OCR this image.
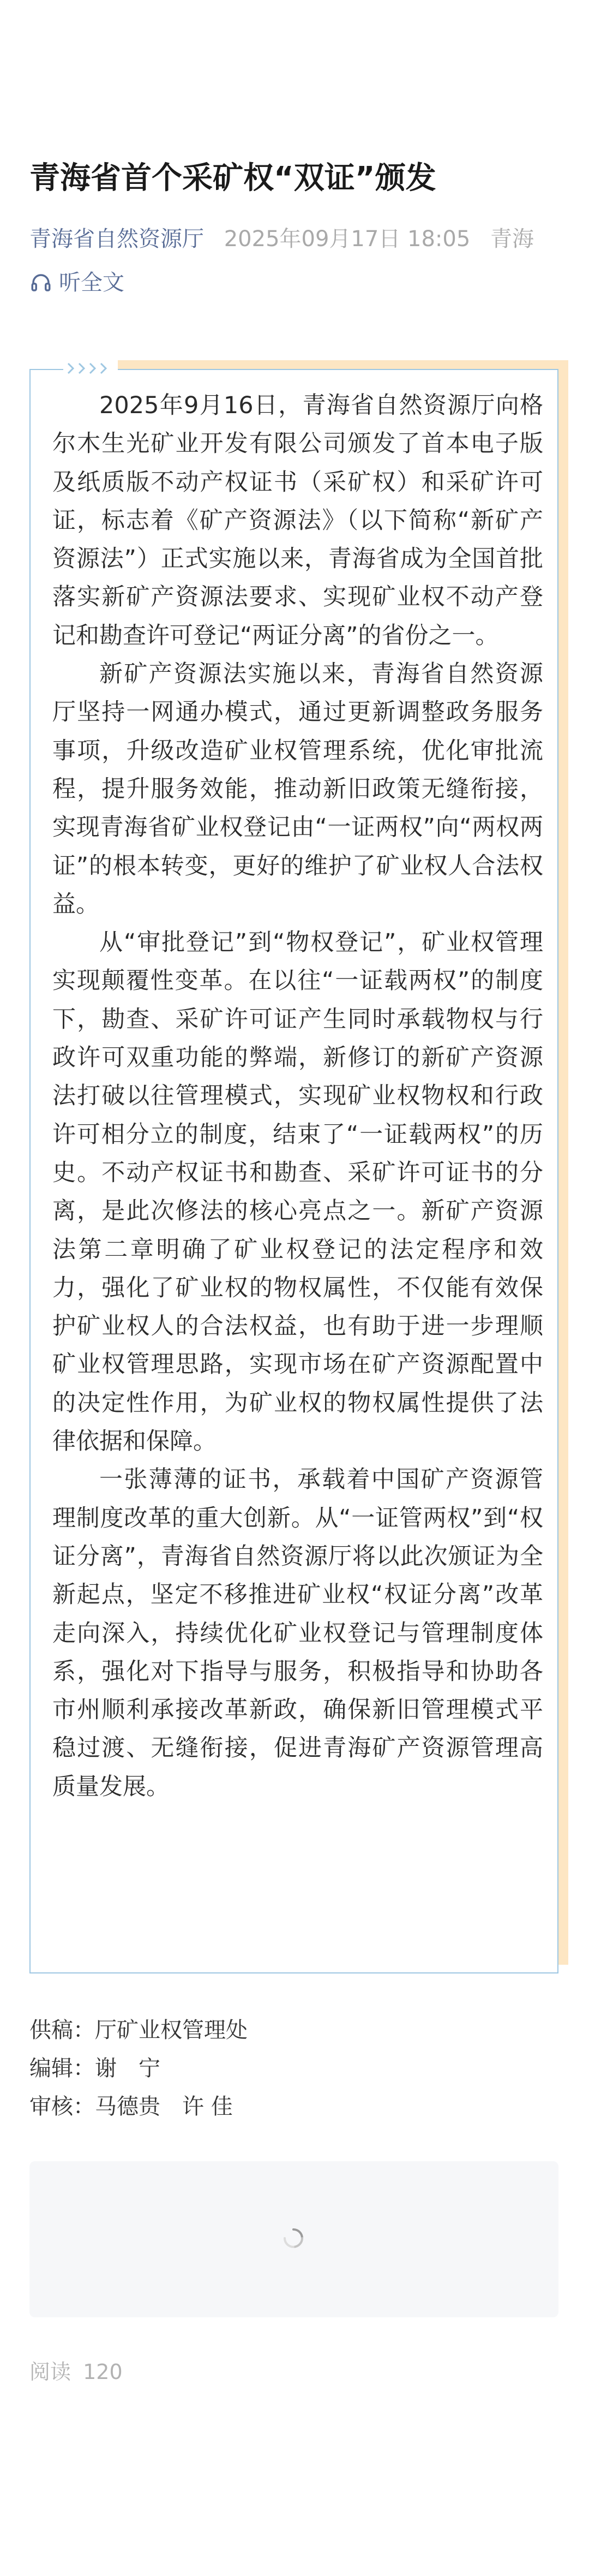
青海省首个采矿权“双证”颁发
青海省自然资源厅 2025年09月17日 18:05 青海
听全文

2025年9月16日，青海省自然资源厅向格尔木生光矿业开发有限公司颁发了首本电子版及纸质版不动产权证书（采矿权）和采矿许可证，标志着《矿产资源法》（以下简称“新矿产资源法”）正式实施以来，青海省成为全国首批落实新矿产资源法要求、实现矿业权不动产登记和勘查许可登记“两证分离”的省份之一。

新矿产资源法实施以来，青海省自然资源厅坚持一网通办模式，通过更新调整政务服务事项，升级改造矿业权管理系统，优化审批流程，提升服务效能，推动新旧政策无缝衔接，实现青海省矿业权登记由“一证两权”向“两权两证”的根本转变，更好的维护了矿业权人合法权益。

从“审批登记”到“物权登记”，矿业权管理实现颠覆性变革。在以往“一证载两权”的制度下，勘查、采矿许可证产生同时承载物权与行政许可双重功能的弊端，新修订的新矿产资源法打破以往管理模式，实现矿业权物权和行政许可相分立的制度，结束了“一证载两权”的历史。不动产权证书和勘查、采矿许可证书的分离，是此次修法的核心亮点之一。新矿产资源法第二章明确了矿业权登记的法定程序和效力，强化了矿业权的物权属性，不仅能有效保护矿业权人的合法权益，也有助于进一步理顺矿业权管理思路，实现市场在矿产资源配置中的决定性作用，为矿业权的物权属性提供了法律依据和保障。

一张薄薄的证书，承载着中国矿产资源管理制度改革的重大创新。从“一证管两权”到“权证分离”，青海省自然资源厅将以此次颁证为全新起点，坚定不移推进矿业权“权证分离”改革走向深入，持续优化矿业权登记与管理制度体系，强化对下指导与服务，积极指导和协助各市州顺利承接改革新政，确保新旧管理模式平稳过渡、无缝衔接，促进青海矿产资源管理高质量发展。

供稿：厅矿业权管理处
编辑：谢　宁
审核：马德贵　许 佳
阅读 120
